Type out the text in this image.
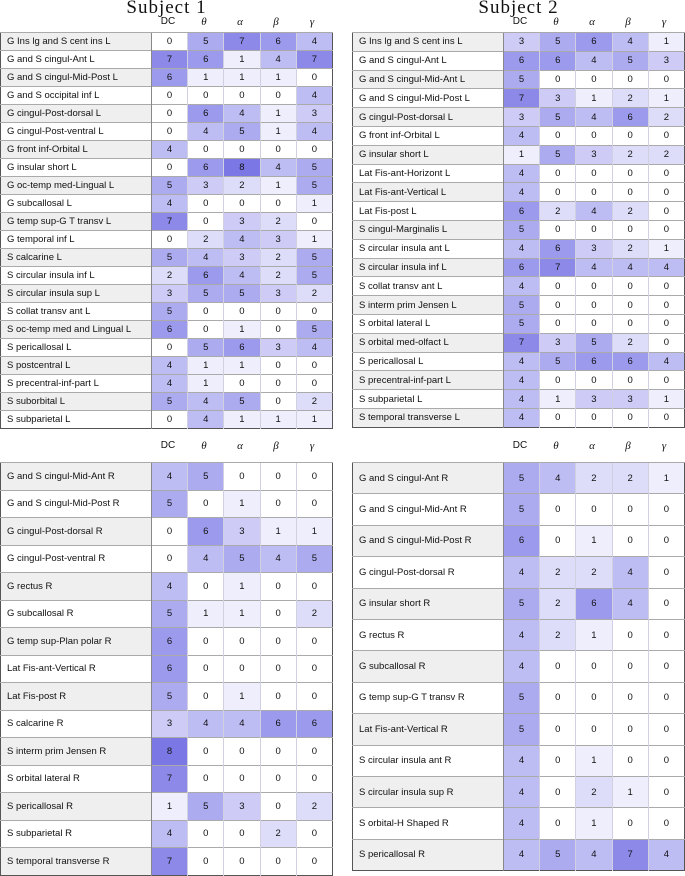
Subject 1
DC	θ	α	β	γ
G Ins lg and S cent ins L	0	5	7	6	4
G and S cingul-Ant L	7	6	1	4	7
G and S cingul-Mid-Post L	6	1	1	1	0
G and S occipital inf L	0	0	0	0	4
G cingul-Post-dorsal L	0	6	4	1	3
G cingul-Post-ventral L	0	4	5	1	4
G front inf-Orbital L	4	0	0	0	0
G insular short L	0	6	8	4	5
G oc-temp med-Lingual L	5	3	2	1	5
G subcallosal L	4	0	0	0	1
G temp sup-G T transv L	7	0	3	2	0
G temporal inf L	0	2	4	3	1
S calcarine L	5	4	3	2	5
S circular insula inf L	2	6	4	2	5
S circular insula sup L	3	5	5	3	2
S collat transv ant L	5	0	0	0	0
S oc-temp med and Lingual L	6	0	1	0	5
S pericallosal L	0	5	6	3	4
S postcentral L	4	1	1	0	0
S precentral-inf-part L	4	1	0	0	0
S suborbital L	5	4	5	0	2
S subparietal L	0	4	1	1	1
Subject 2
DC	θ	α	β	γ
G Ins lg and S cent ins L	3	5	6	4	1
G and S cingul-Ant L	6	6	4	5	3
G and S cingul-Mid-Ant L	5	0	0	0	0
G and S cingul-Mid-Post L	7	3	1	2	1
G cingul-Post-dorsal L	3	5	4	6	2
G front inf-Orbital L	4	0	0	0	0
G insular short L	1	5	3	2	2
Lat Fis-ant-Horizont L	4	0	0	0	0
Lat Fis-ant-Vertical L	4	0	0	0	0
Lat Fis-post L	6	2	4	2	0
S cingul-Marginalis L	5	0	0	0	0
S circular insula ant L	4	6	3	2	1
S circular insula inf L	6	7	4	4	4
S collat transv ant L	4	0	0	0	0
S interm prim Jensen L	5	0	0	0	0
S orbital lateral L	5	0	0	0	0
S orbital med-olfact L	7	3	5	2	0
S pericallosal L	4	5	6	6	4
S precentral-inf-part L	4	0	0	0	0
S subparietal L	4	1	3	3	1
S temporal transverse L	4	0	0	0	0
DC	θ	α	β	γ
G and S cingul-Mid-Ant R	4	5	0	0	0
G and S cingul-Mid-Post R	5	0	1	0	0
G cingul-Post-dorsal R	0	6	3	1	1
G cingul-Post-ventral R	0	4	5	4	5
G rectus R	4	0	1	0	0
G subcallosal R	5	1	1	0	2
G temp sup-Plan polar R	6	0	0	0	0
Lat Fis-ant-Vertical R	6	0	0	0	0
Lat Fis-post R	5	0	1	0	0
S calcarine R	3	4	4	6	6
S interm prim Jensen R	8	0	0	0	0
S orbital lateral R	7	0	0	0	0
S pericallosal R	1	5	3	0	2
S subparietal R	4	0	0	2	0
S temporal transverse R	7	0	0	0	0
DC	θ	α	β	γ
G and S cingul-Ant R	5	4	2	2	1
G and S cingul-Mid-Ant R	5	0	0	0	0
G and S cingul-Mid-Post R	6	0	1	0	0
G cingul-Post-dorsal R	4	2	2	4	0
G insular short R	5	2	6	4	0
G rectus R	4	2	1	0	0
G subcallosal R	4	0	0	0	0
G temp sup-G T transv R	5	0	0	0	0
Lat Fis-ant-Vertical R	5	0	0	0	0
S circular insula ant R	4	0	1	0	0
S circular insula sup R	4	0	2	1	0
S orbital-H Shaped R	4	0	1	0	0
S pericallosal R	4	5	4	7	4
